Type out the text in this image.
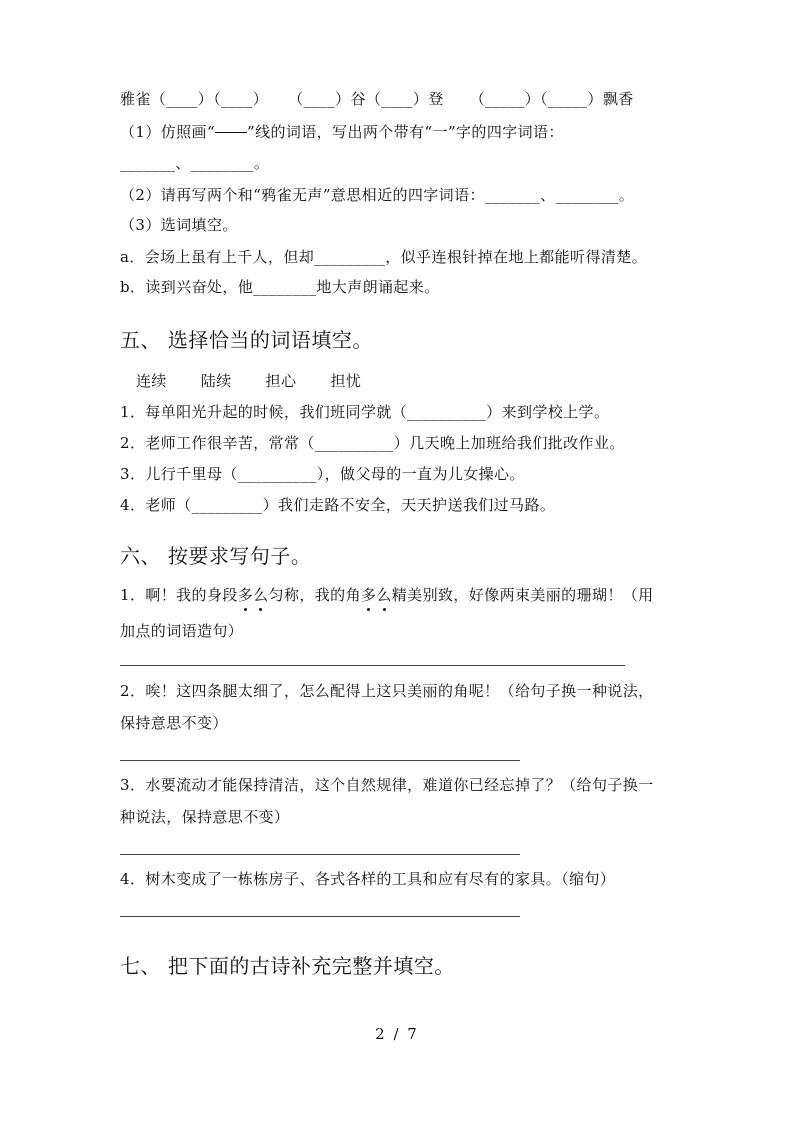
雅雀（____）（____） （____）谷（____）登 （_____）（_____）飘香
（1）仿照画“ ”线的词语，写出两个带有“一”字的四字词语：
_______、________。
（2）请再写两个和“鸦雀无声”意思相近的四字词语：_______、________。
（3）选词填空。
a．会场上虽有上千人，但却_________，似乎连根针掉在地上都能听得清楚。
b．读到兴奋处，他________地大声朗诵起来。
五、 选择恰当的词语填空。
连续 陆续 担心 担忧
1．每单阳光升起的时候，我们班同学就（__________）来到学校上学。
2．老师工作很辛苦，常常（__________）几天晚上加班给我们批改作业。
3．儿行千里母（__________），做父母的一直为儿女操心。
4．老师（_________）我们走路不安全，天天护送我们过马路。
六、 按要求写句子。
1．啊！我的身段多么匀称，我的角多么精美别致，好像两束美丽的珊瑚！（用
加点的词语造句）
2．唉！这四条腿太细了，怎么配得上这只美丽的角呢！（给句子换一种说法，
保持意思不变）
3．水要流动才能保持清洁，这个自然规律，难道你已经忘掉了？（给句子换一
种说法，保持意思不变）
4．树木变成了一栋栋房子、各式各样的工具和应有尽有的家具。（缩句）
七、 把下面的古诗补充完整并填空。
2 / 7
